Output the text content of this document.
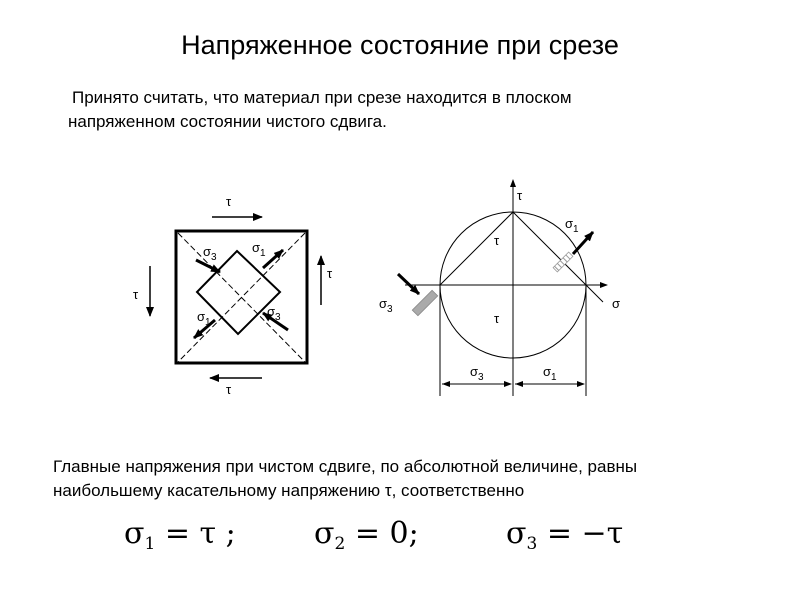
Напряженное состояние при срезе
Принято считать, что материал при срезе находится в плоском
напряженном состоянии чистого сдвига.
τ
τ
τ
τ
σ 3
σ 1
σ 1
σ 3
τ
σ
τ
τ
σ 1
σ 3
σ 3	σ 1
Главные напряжения при чистом сдвиге, по абсолютной величине, равны
наибольшему касательному напряжению τ, соответственно
$\sigma_1 = \tau$ ;	$\sigma_2 = 0$;	$\sigma_3 = -\tau$
